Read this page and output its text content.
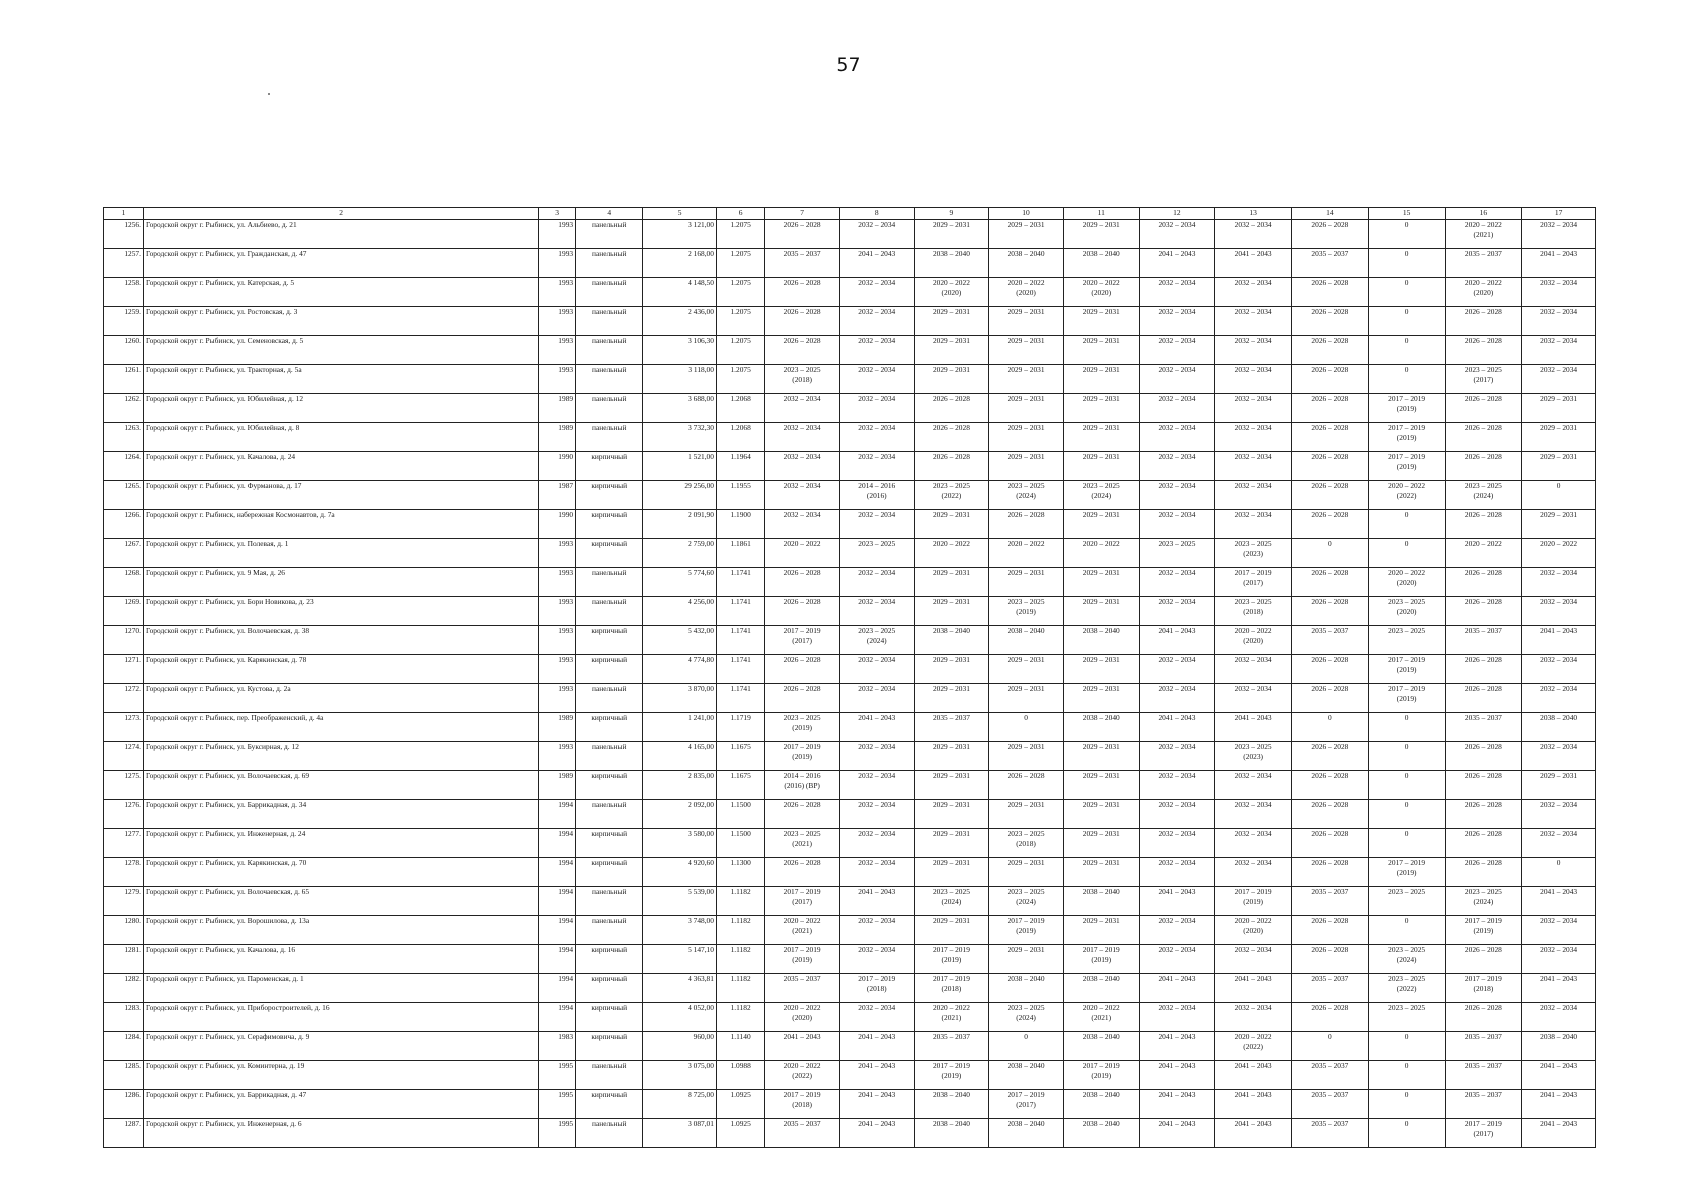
57
1	2	3	4	5	6	7	8	9	10	11	12	13	14	15	16	17
1256.	Городской округ г. Рыбинск, ул. Альбиево, д. 21	1993	панельный	3 121,00	1.2075	2026 – 2028	2032 – 2034	2029 – 2031	2029 – 2031	2029 – 2031	2032 – 2034	2032 – 2034	2026 – 2028	0	2020 – 2022
(2021)	2032 – 2034
1257.	Городской округ г. Рыбинск, ул. Гражданская, д. 47	1993	панельный	2 168,00	1.2075	2035 – 2037	2041 – 2043	2038 – 2040	2038 – 2040	2038 – 2040	2041 – 2043	2041 – 2043	2035 – 2037	0	2035 – 2037	2041 – 2043
1258.	Городской округ г. Рыбинск, ул. Катерская, д. 5	1993	панельный	4 148,50	1.2075	2026 – 2028	2032 – 2034	2020 – 2022
(2020)	2020 – 2022
(2020)	2020 – 2022
(2020)	2032 – 2034	2032 – 2034	2026 – 2028	0	2020 – 2022
(2020)	2032 – 2034
1259.	Городской округ г. Рыбинск, ул. Ростовская, д. 3	1993	панельный	2 436,00	1.2075	2026 – 2028	2032 – 2034	2029 – 2031	2029 – 2031	2029 – 2031	2032 – 2034	2032 – 2034	2026 – 2028	0	2026 – 2028	2032 – 2034
1260.	Городской округ г. Рыбинск, ул. Семеновская, д. 5	1993	панельный	3 106,30	1.2075	2026 – 2028	2032 – 2034	2029 – 2031	2029 – 2031	2029 – 2031	2032 – 2034	2032 – 2034	2026 – 2028	0	2026 – 2028	2032 – 2034
1261.	Городской округ г. Рыбинск, ул. Тракторная, д. 5а	1993	панельный	3 118,00	1.2075	2023 – 2025
(2018)	2032 – 2034	2029 – 2031	2029 – 2031	2029 – 2031	2032 – 2034	2032 – 2034	2026 – 2028	0	2023 – 2025
(2017)	2032 – 2034
1262.	Городской округ г. Рыбинск, ул. Юбилейная, д. 12	1989	панельный	3 688,00	1.2068	2032 – 2034	2032 – 2034	2026 – 2028	2029 – 2031	2029 – 2031	2032 – 2034	2032 – 2034	2026 – 2028	2017 – 2019
(2019)	2026 – 2028	2029 – 2031
1263.	Городской округ г. Рыбинск, ул. Юбилейная, д. 8	1989	панельный	3 732,30	1.2068	2032 – 2034	2032 – 2034	2026 – 2028	2029 – 2031	2029 – 2031	2032 – 2034	2032 – 2034	2026 – 2028	2017 – 2019
(2019)	2026 – 2028	2029 – 2031
1264.	Городской округ г. Рыбинск, ул. Качалова, д. 24	1990	кирпичный	1 521,00	1.1964	2032 – 2034	2032 – 2034	2026 – 2028	2029 – 2031	2029 – 2031	2032 – 2034	2032 – 2034	2026 – 2028	2017 – 2019
(2019)	2026 – 2028	2029 – 2031
1265.	Городской округ г. Рыбинск, ул. Фурманова, д. 17	1987	кирпичный	29 256,00	1.1955	2032 – 2034	2014 – 2016
(2016)	2023 – 2025
(2022)	2023 – 2025
(2024)	2023 – 2025
(2024)	2032 – 2034	2032 – 2034	2026 – 2028	2020 – 2022
(2022)	2023 – 2025
(2024)	0
1266.	Городской округ г. Рыбинск, набережная Космонавтов, д. 7а	1990	кирпичный	2 091,90	1.1900	2032 – 2034	2032 – 2034	2029 – 2031	2026 – 2028	2029 – 2031	2032 – 2034	2032 – 2034	2026 – 2028	0	2026 – 2028	2029 – 2031
1267.	Городской округ г. Рыбинск, ул. Полевая, д. 1	1993	кирпичный	2 759,00	1.1861	2020 – 2022	2023 – 2025	2020 – 2022	2020 – 2022	2020 – 2022	2023 – 2025	2023 – 2025
(2023)	0	0	2020 – 2022	2020 – 2022
1268.	Городской округ г. Рыбинск, ул. 9 Мая, д. 26	1993	панельный	5 774,60	1.1741	2026 – 2028	2032 – 2034	2029 – 2031	2029 – 2031	2029 – 2031	2032 – 2034	2017 – 2019
(2017)	2026 – 2028	2020 – 2022
(2020)	2026 – 2028	2032 – 2034
1269.	Городской округ г. Рыбинск, ул. Бори Новикова, д. 23	1993	панельный	4 256,00	1.1741	2026 – 2028	2032 – 2034	2029 – 2031	2023 – 2025
(2019)	2029 – 2031	2032 – 2034	2023 – 2025
(2018)	2026 – 2028	2023 – 2025
(2020)	2026 – 2028	2032 – 2034
1270.	Городской округ г. Рыбинск, ул. Волочаевская, д. 38	1993	кирпичный	5 432,00	1.1741	2017 – 2019
(2017)	2023 – 2025
(2024)	2038 – 2040	2038 – 2040	2038 – 2040	2041 – 2043	2020 – 2022
(2020)	2035 – 2037	2023 – 2025	2035 – 2037	2041 – 2043
1271.	Городской округ г. Рыбинск, ул. Карякинская, д. 78	1993	кирпичный	4 774,80	1.1741	2026 – 2028	2032 – 2034	2029 – 2031	2029 – 2031	2029 – 2031	2032 – 2034	2032 – 2034	2026 – 2028	2017 – 2019
(2019)	2026 – 2028	2032 – 2034
1272.	Городской округ г. Рыбинск, ул. Кустова, д. 2а	1993	панельный	3 870,00	1.1741	2026 – 2028	2032 – 2034	2029 – 2031	2029 – 2031	2029 – 2031	2032 – 2034	2032 – 2034	2026 – 2028	2017 – 2019
(2019)	2026 – 2028	2032 – 2034
1273.	Городской округ г. Рыбинск, пер. Преображенский, д. 4а	1989	кирпичный	1 241,00	1.1719	2023 – 2025
(2019)	2041 – 2043	2035 – 2037	0	2038 – 2040	2041 – 2043	2041 – 2043	0	0	2035 – 2037	2038 – 2040
1274.	Городской округ г. Рыбинск, ул. Буксирная, д. 12	1993	панельный	4 165,00	1.1675	2017 – 2019
(2019)	2032 – 2034	2029 – 2031	2029 – 2031	2029 – 2031	2032 – 2034	2023 – 2025
(2023)	2026 – 2028	0	2026 – 2028	2032 – 2034
1275.	Городской округ г. Рыбинск, ул. Волочаевская, д. 69	1989	кирпичный	2 835,00	1.1675	2014 – 2016
(2016) (ВР)	2032 – 2034	2029 – 2031	2026 – 2028	2029 – 2031	2032 – 2034	2032 – 2034	2026 – 2028	0	2026 – 2028	2029 – 2031
1276.	Городской округ г. Рыбинск, ул. Баррикадная, д. 34	1994	панельный	2 092,00	1.1500	2026 – 2028	2032 – 2034	2029 – 2031	2029 – 2031	2029 – 2031	2032 – 2034	2032 – 2034	2026 – 2028	0	2026 – 2028	2032 – 2034
1277.	Городской округ г. Рыбинск, ул. Инженерная, д. 24	1994	кирпичный	3 580,00	1.1500	2023 – 2025
(2021)	2032 – 2034	2029 – 2031	2023 – 2025
(2018)	2029 – 2031	2032 – 2034	2032 – 2034	2026 – 2028	0	2026 – 2028	2032 – 2034
1278.	Городской округ г. Рыбинск, ул. Карякинская, д. 70	1994	кирпичный	4 920,60	1.1300	2026 – 2028	2032 – 2034	2029 – 2031	2029 – 2031	2029 – 2031	2032 – 2034	2032 – 2034	2026 – 2028	2017 – 2019
(2019)	2026 – 2028	0
1279.	Городской округ г. Рыбинск, ул. Волочаевская, д. 65	1994	панельный	5 539,00	1.1182	2017 – 2019
(2017)	2041 – 2043	2023 – 2025
(2024)	2023 – 2025
(2024)	2038 – 2040	2041 – 2043	2017 – 2019
(2019)	2035 – 2037	2023 – 2025	2023 – 2025
(2024)	2041 – 2043
1280.	Городской округ г. Рыбинск, ул. Ворошилова, д. 13а	1994	панельный	3 748,00	1.1182	2020 – 2022
(2021)	2032 – 2034	2029 – 2031	2017 – 2019
(2019)	2029 – 2031	2032 – 2034	2020 – 2022
(2020)	2026 – 2028	0	2017 – 2019
(2019)	2032 – 2034
1281.	Городской округ г. Рыбинск, ул. Качалова, д. 16	1994	кирпичный	5 147,10	1.1182	2017 – 2019
(2019)	2032 – 2034	2017 – 2019
(2019)	2029 – 2031	2017 – 2019
(2019)	2032 – 2034	2032 – 2034	2026 – 2028	2023 – 2025
(2024)	2026 – 2028	2032 – 2034
1282.	Городской округ г. Рыбинск, ул. Пароменская, д. 1	1994	кирпичный	4 363,81	1.1182	2035 – 2037	2017 – 2019
(2018)	2017 – 2019
(2018)	2038 – 2040	2038 – 2040	2041 – 2043	2041 – 2043	2035 – 2037	2023 – 2025
(2022)	2017 – 2019
(2018)	2041 – 2043
1283.	Городской округ г. Рыбинск, ул. Приборостроителей, д. 16	1994	кирпичный	4 052,00	1.1182	2020 – 2022
(2020)	2032 – 2034	2020 – 2022
(2021)	2023 – 2025
(2024)	2020 – 2022
(2021)	2032 – 2034	2032 – 2034	2026 – 2028	2023 – 2025	2026 – 2028	2032 – 2034
1284.	Городской округ г. Рыбинск, ул. Серафимовича, д. 9	1983	кирпичный	960,00	1.1140	2041 – 2043	2041 – 2043	2035 – 2037	0	2038 – 2040	2041 – 2043	2020 – 2022
(2022)	0	0	2035 – 2037	2038 – 2040
1285.	Городской округ г. Рыбинск, ул. Коминтерна, д. 19	1995	панельный	3 075,00	1.0988	2020 – 2022
(2022)	2041 – 2043	2017 – 2019
(2019)	2038 – 2040	2017 – 2019
(2019)	2041 – 2043	2041 – 2043	2035 – 2037	0	2035 – 2037	2041 – 2043
1286.	Городской округ г. Рыбинск, ул. Баррикадная, д. 47	1995	кирпичный	8 725,00	1.0925	2017 – 2019
(2018)	2041 – 2043	2038 – 2040	2017 – 2019
(2017)	2038 – 2040	2041 – 2043	2041 – 2043	2035 – 2037	0	2035 – 2037	2041 – 2043
1287.	Городской округ г. Рыбинск, ул. Инженерная, д. 6	1995	панельный	3 087,01	1.0925	2035 – 2037	2041 – 2043	2038 – 2040	2038 – 2040	2038 – 2040	2041 – 2043	2041 – 2043	2035 – 2037	0	2017 – 2019
(2017)	2041 – 2043
